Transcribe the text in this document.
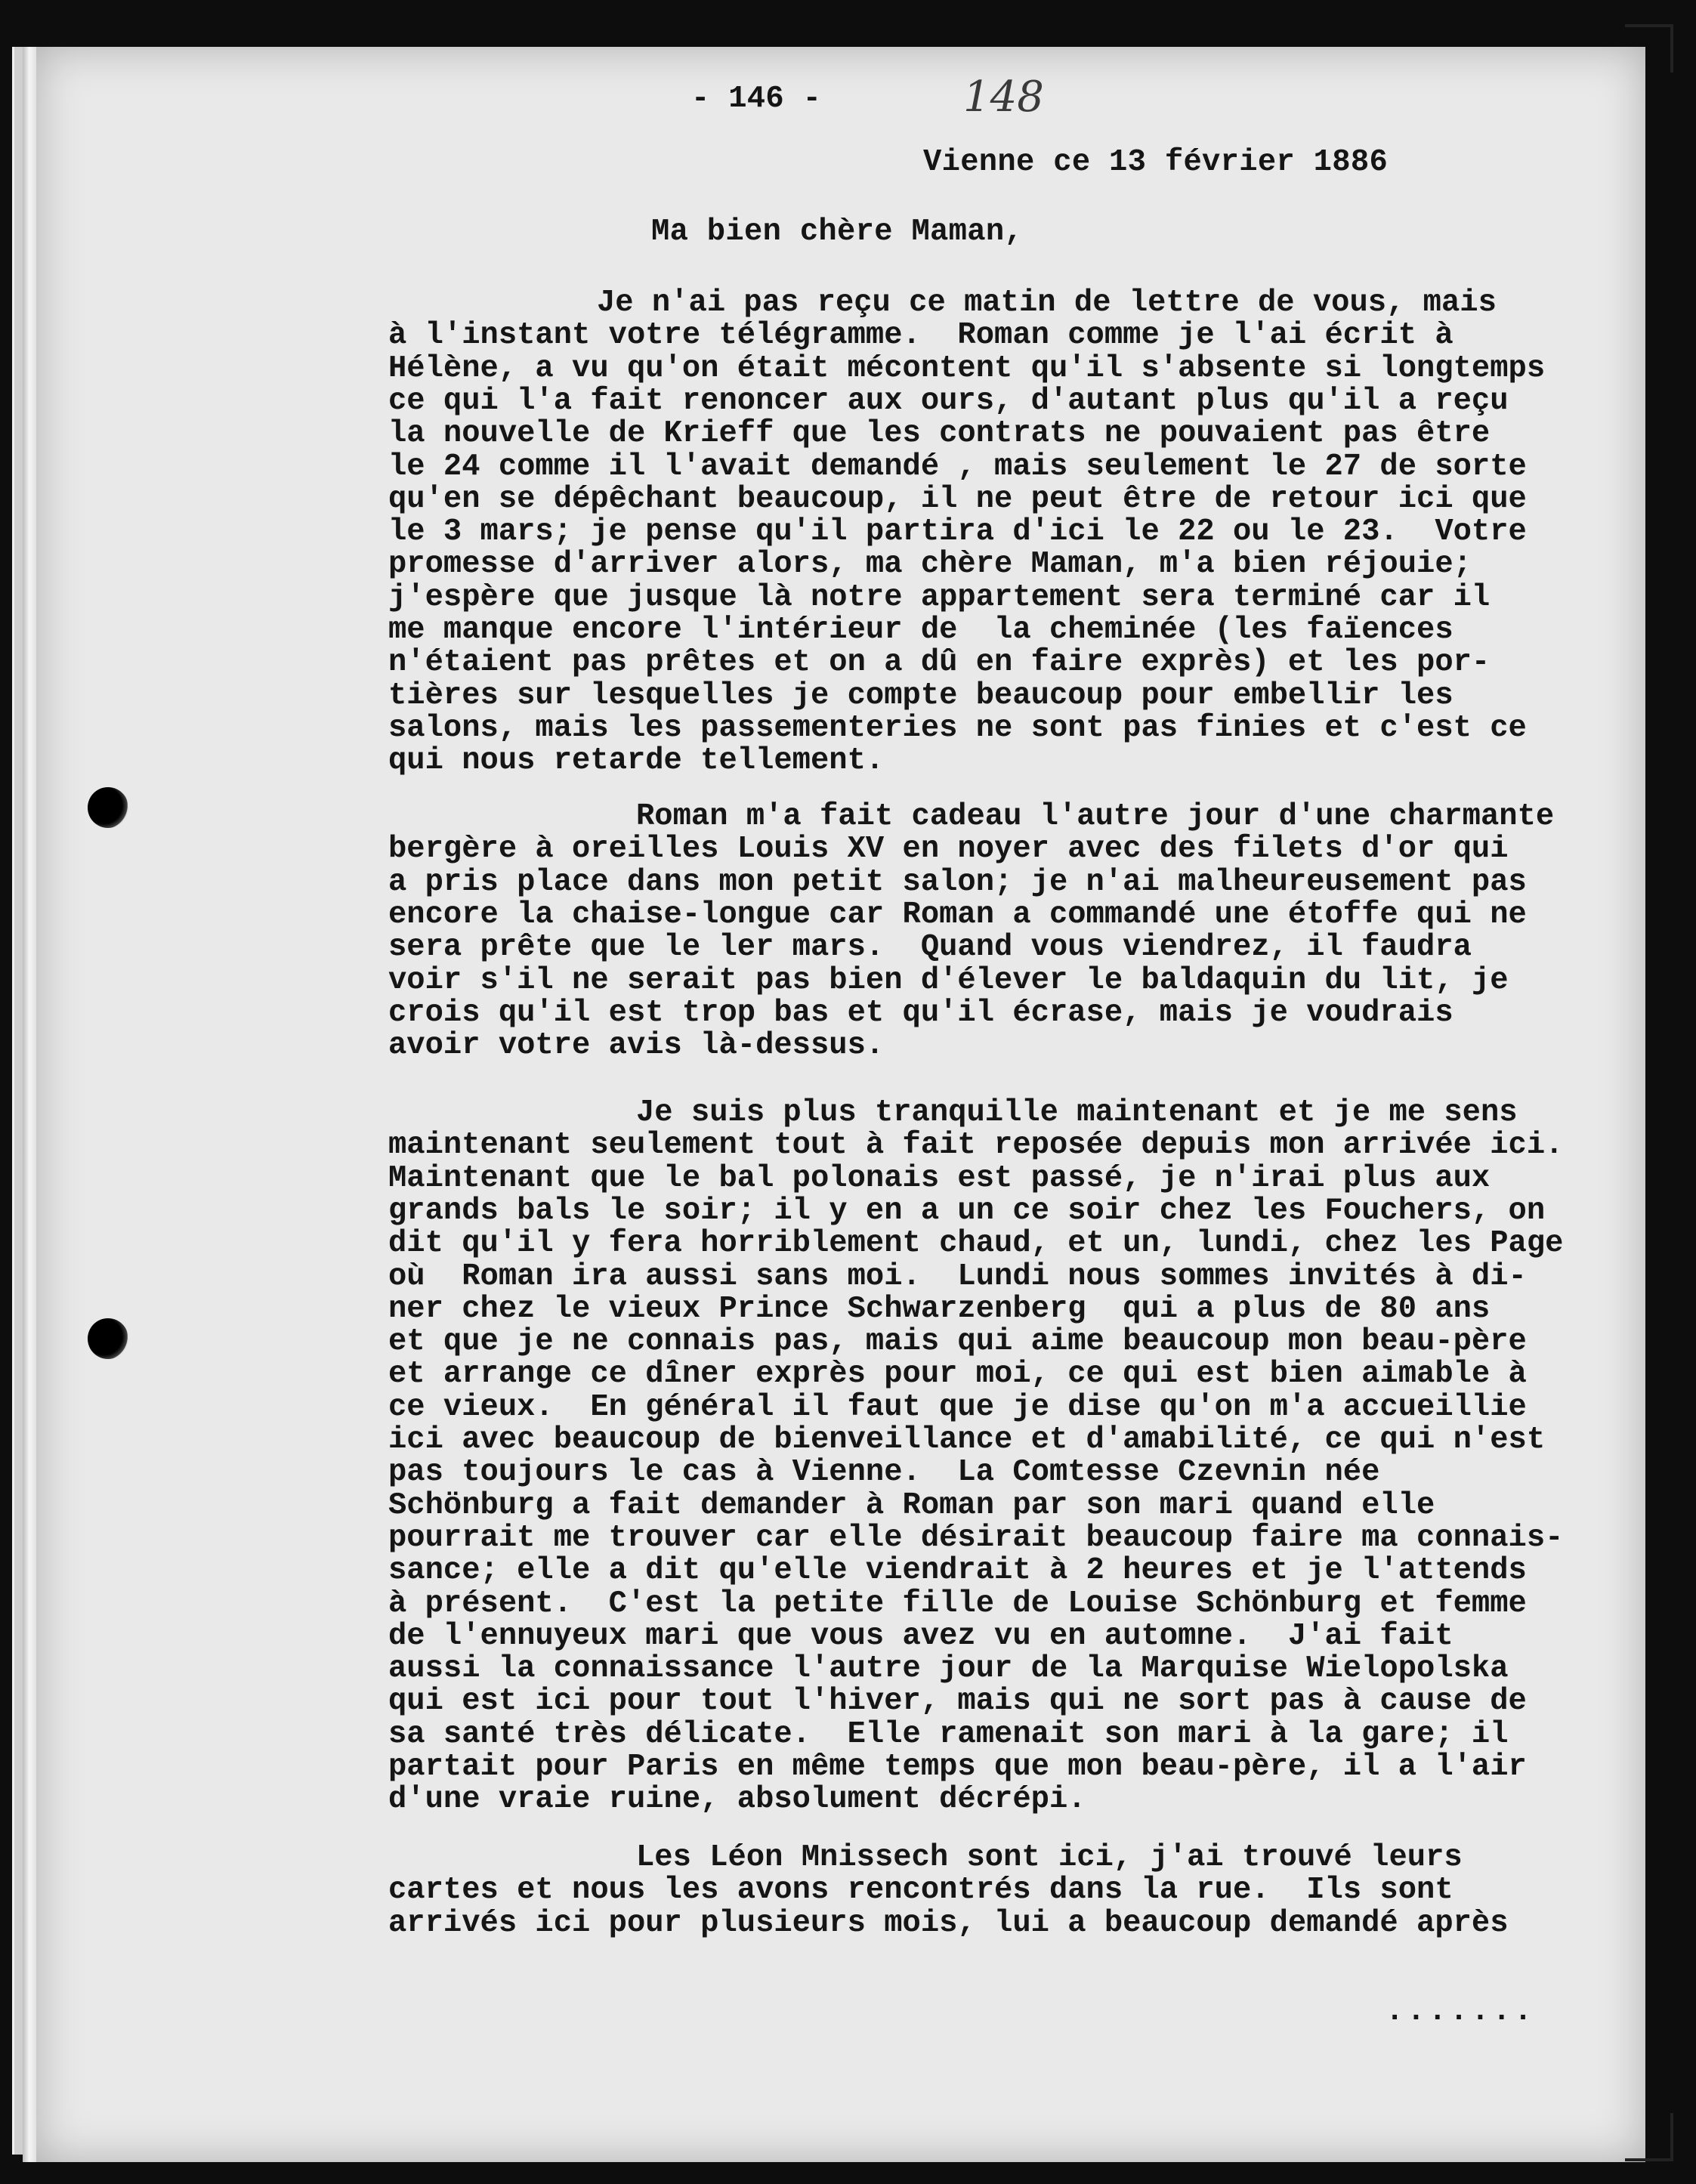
- 146 -	148
Vienne ce 13 février 1886
Ma bien chère Maman,
Je n'ai pas reçu ce matin de lettre de vous, mais
à l'instant votre télégramme.  Roman comme je l'ai écrit à
Hélène, a vu qu'on était mécontent qu'il s'absente si longtemps
ce qui l'a fait renoncer aux ours, d'autant plus qu'il a reçu
la nouvelle de Krieff que les contrats ne pouvaient pas être
le 24 comme il l'avait demandé , mais seulement le 27 de sorte
qu'en se dépêchant beaucoup, il ne peut être de retour ici que
le 3 mars; je pense qu'il partira d'ici le 22 ou le 23.  Votre
promesse d'arriver alors, ma chère Maman, m'a bien réjouie;
j'espère que jusque là notre appartement sera terminé car il
me manque encore l'intérieur de  la cheminée (les faïences
n'étaient pas prêtes et on a dû en faire exprès) et les por-
tières sur lesquelles je compte beaucoup pour embellir les
salons, mais les passementeries ne sont pas finies et c'est ce
qui nous retarde tellement.
Roman m'a fait cadeau l'autre jour d'une charmante
bergère à oreilles Louis XV en noyer avec des filets d'or qui
a pris place dans mon petit salon; je n'ai malheureusement pas
encore la chaise-longue car Roman a commandé une étoffe qui ne
sera prête que le ler mars.  Quand vous viendrez, il faudra
voir s'il ne serait pas bien d'élever le baldaquin du lit, je
crois qu'il est trop bas et qu'il écrase, mais je voudrais
avoir votre avis là-dessus.
Je suis plus tranquille maintenant et je me sens
maintenant seulement tout à fait reposée depuis mon arrivée ici.
Maintenant que le bal polonais est passé, je n'irai plus aux
grands bals le soir; il y en a un ce soir chez les Fouchers, on
dit qu'il y fera horriblement chaud, et un, lundi, chez les Page
où  Roman ira aussi sans moi.  Lundi nous sommes invités à di-
ner chez le vieux Prince Schwarzenberg  qui a plus de 80 ans
et que je ne connais pas, mais qui aime beaucoup mon beau-père
et arrange ce dîner exprès pour moi, ce qui est bien aimable à
ce vieux.  En général il faut que je dise qu'on m'a accueillie
ici avec beaucoup de bienveillance et d'amabilité, ce qui n'est
pas toujours le cas à Vienne.  La Comtesse Czevnin née
Schönburg a fait demander à Roman par son mari quand elle
pourrait me trouver car elle désirait beaucoup faire ma connais-
sance; elle a dit qu'elle viendrait à 2 heures et je l'attends
à présent.  C'est la petite fille de Louise Schönburg et femme
de l'ennuyeux mari que vous avez vu en automne.  J'ai fait
aussi la connaissance l'autre jour de la Marquise Wielopolska
qui est ici pour tout l'hiver, mais qui ne sort pas à cause de
sa santé très délicate.  Elle ramenait son mari à la gare; il
partait pour Paris en même temps que mon beau-père, il a l'air
d'une vraie ruine, absolument décrépi.
Les Léon Mnissech sont ici, j'ai trouvé leurs
cartes et nous les avons rencontrés dans la rue.  Ils sont
arrivés ici pour plusieurs mois, lui a beaucoup demandé après
.......
